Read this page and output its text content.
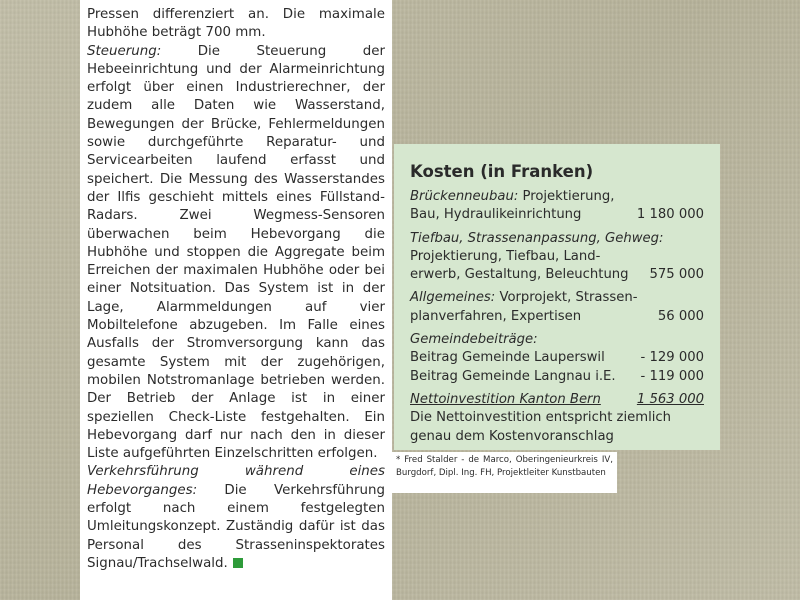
Pressen differenziert an. Die maximale Hubhöhe beträgt 700 mm.

Steuerung: Die Steuerung der Hebeeinrichtung und der Alarmeinrichtung erfolgt über einen Industrierechner, der zudem alle Daten wie Wasserstand, Bewegungen der Brücke, Fehlermeldungen sowie durchgeführte Reparatur- und Servicearbeiten laufend erfasst und speichert. Die Messung des Wasserstandes der Ilfis geschieht mittels eines Füllstand-Radars. Zwei Wegmess-Sensoren überwachen beim Hebevorgang die Hubhöhe und stoppen die Aggregate beim Erreichen der maximalen Hubhöhe oder bei einer Notsituation. Das System ist in der Lage, Alarmmeldungen auf vier Mobiltelefone abzugeben. Im Falle eines Ausfalls der Stromversorgung kann das gesamte System mit der zugehörigen, mobilen Notstromanlage betrieben werden. Der Betrieb der Anlage ist in einer speziellen Check-Liste festgehalten. Ein Hebevorgang darf nur nach den in dieser Liste aufgeführten Einzelschritten erfolgen.

Verkehrsführung während eines Hebevorganges: Die Verkehrsführung erfolgt nach einem festgelegten Umleitungskonzept. Zuständig dafür ist das Personal des Strasseninspektorates Signau/Trachselwald.

Kosten (in Franken)
Brückenneubau: Projektierung,
Bau, Hydraulikeinrichtung	1 180 000
Tiefbau, Strassenanpassung, Gehweg:
Projektierung, Tiefbau, Land-
erwerb, Gestaltung, Beleuchtung 575 000
Allgemeines: Vorprojekt, Strassen-
planverfahren, Expertisen	56 000
Gemeindebeiträge:
Beitrag Gemeinde Lauperswil	- 129 000
Beitrag Gemeinde Langnau i.E. - 119 000
Nettoinvestition Kanton Bern	1 563 000
Die Nettoinvestition entspricht ziemlich
genau dem Kostenvoranschlag
* Fred Stalder - de Marco, Oberingenieurkreis IV, Burgdorf, Dipl. Ing. FH, Projektleiter Kunstbauten
